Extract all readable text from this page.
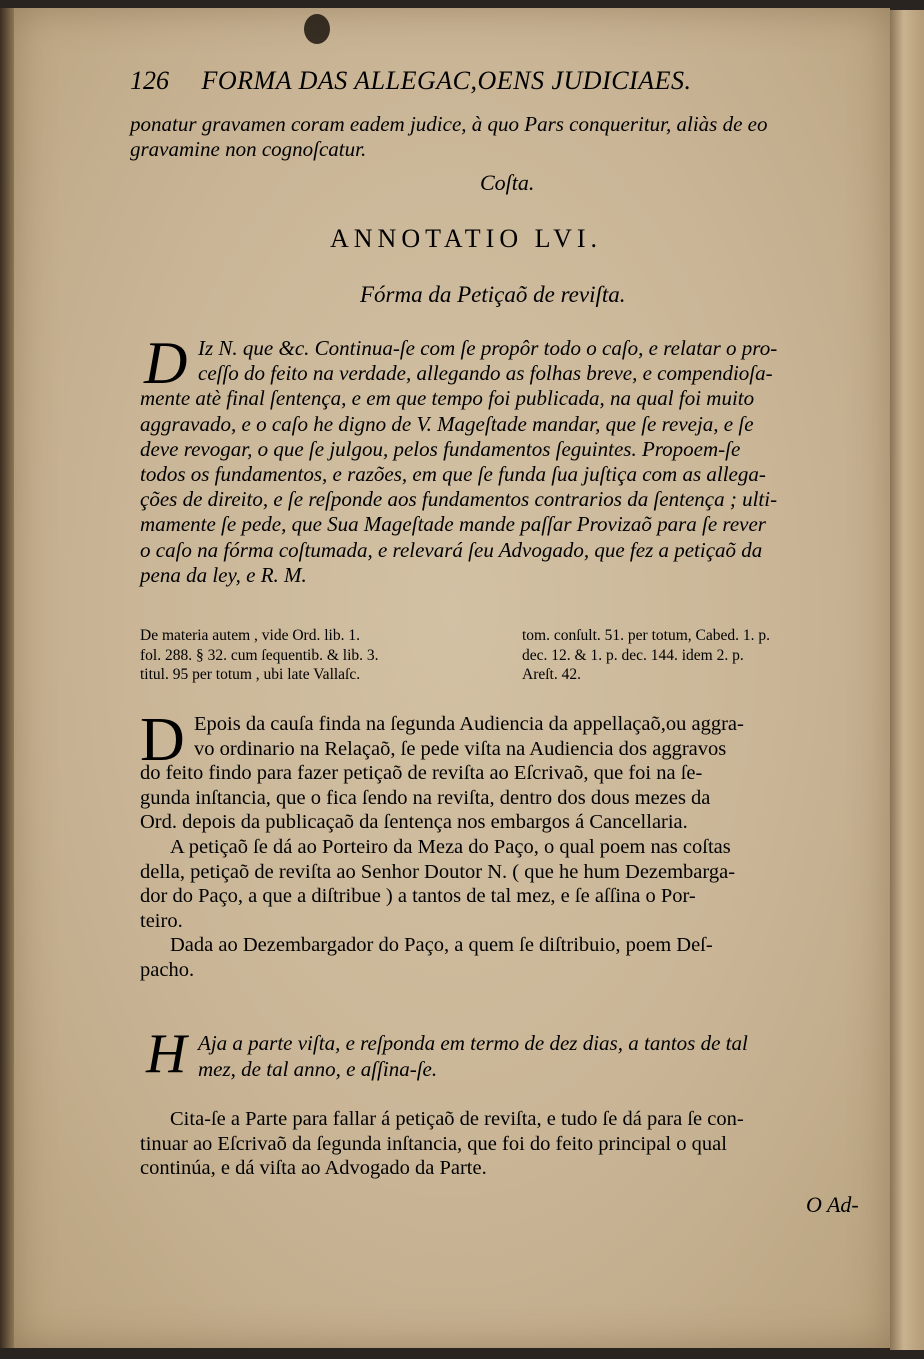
126 FORMA DAS ALLEGAC,OENS JUDICIAES.
ponatur gravamen coram eadem judice, à quo Pars conqueritur, aliàs de eo
gravamine non cognoſcatur.
Coſta.
ANNOTATIO LVI.
Fórma da Petiçaõ de reviſta.
D Iz N. que &c. Continua-ſe com ſe propôr todo o caſo, e relatar o pro-
ceſſo do feito na verdade, allegando as folhas breve, e compendioſa-
mente atè final ſentença, e em que tempo foi publicada, na qual foi muito
aggravado, e o caſo he digno de V. Mageſtade mandar, que ſe reveja, e ſe
deve revogar, o que ſe julgou, pelos fundamentos ſeguintes. Propoem-ſe
todos os fundamentos, e razões, em que ſe funda ſua juſtiça com as allega-
ções de direito, e ſe reſponde aos fundamentos contrarios da ſentença ; ulti-
mamente ſe pede, que Sua Mageſtade mande paſſar Provizaõ para ſe rever
o caſo na fórma coſtumada, e relevará ſeu Advogado, que fez a petiçaõ da
pena da ley, e R. M.
De materia autem , vide Ord. lib. 1.	tom. conſult. 51. per totum, Cabed. 1. p.
fol. 288. § 32. cum ſequentib. & lib. 3.	dec. 12. & 1. p. dec. 144. idem 2. p.
titul. 95 per totum , ubi late Vallaſc.	Areſt. 42.
D Epois da cauſa finda na ſegunda Audiencia da appellaçaõ,ou aggra-
vo ordinario na Relaçaõ, ſe pede viſta na Audiencia dos aggravos
do feito findo para fazer petiçaõ de reviſta ao Eſcrivaõ, que foi na ſe-
gunda inſtancia, que o fica ſendo na reviſta, dentro dos dous mezes da
Ord. depois da publicaçaõ da ſentença nos embargos á Cancellaria.

A petiçaõ ſe dá ao Porteiro da Meza do Paço, o qual poem nas coſtas
della, petiçaõ de reviſta ao Senhor Doutor N. ( que he hum Dezembarga-
dor do Paço, a que a diſtribue ) a tantos de tal mez, e ſe aſſina o Por-
teiro.

Dada ao Dezembargador do Paço, a quem ſe diſtribuio, poem Deſ-
pacho.

H Aja a parte viſta, e reſponda em termo de dez dias, a tantos de tal
mez, de tal anno, e aſſina-ſe.
Cita-ſe a Parte para fallar á petiçaõ de reviſta, e tudo ſe dá para ſe con-
tinuar ao Eſcrivaõ da ſegunda inſtancia, que foi do feito principal o qual
continúa, e dá viſta ao Advogado da Parte.
O Ad-
